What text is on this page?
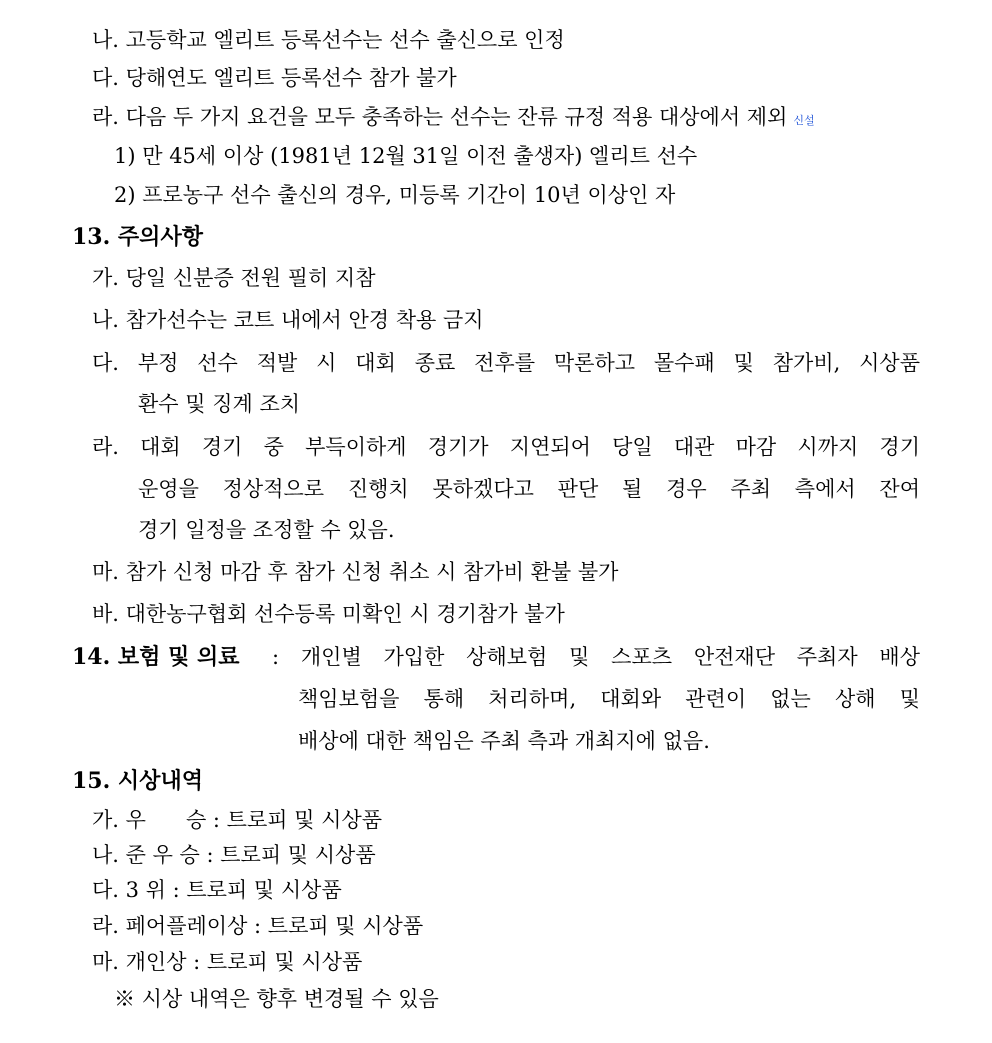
나. 고등학교 엘리트 등록선수는 선수 출신으로 인정
다. 당해연도 엘리트 등록선수 참가 불가
라. 다음 두 가지 요건을 모두 충족하는 선수는 잔류 규정 적용 대상에서 제외 신설
1) 만 45세 이상 (1981년 12월 31일 이전 출생자) 엘리트 선수
2) 프로농구 선수 출신의 경우, 미등록 기간이 10년 이상인 자
13. 주의사항
가. 당일 신분증 전원 필히 지참
나. 참가선수는 코트 내에서 안경 착용 금지
다. 부정 선수 적발 시 대회 종료 전후를 막론하고 몰수패 및 참가비, 시상품
환수 및 징계 조치
라. 대회 경기 중 부득이하게 경기가 지연되어 당일 대관 마감 시까지 경기
운영을 정상적으로 진행치 못하겠다고 판단 될 경우 주최 측에서 잔여
경기 일정을 조정할 수 있음.
마. 참가 신청 마감 후 참가 신청 취소 시 참가비 환불 불가
바. 대한농구협회 선수등록 미확인 시 경기참가 불가
14. 보험 및 의료 : 개인별 가입한 상해보험 및 스포츠 안전재단 주최자 배상
책임보험을 통해 처리하며, 대회와 관련이 없는 상해 및
배상에 대한 책임은 주최 측과 개최지에 없음.
15. 시상내역
가. 우      승 : 트로피 및 시상품
나. 준 우 승 : 트로피 및 시상품
다. 3 위 : 트로피 및 시상품
라. 페어플레이상 : 트로피 및 시상품
마. 개인상 : 트로피 및 시상품
※ 시상 내역은 향후 변경될 수 있음
